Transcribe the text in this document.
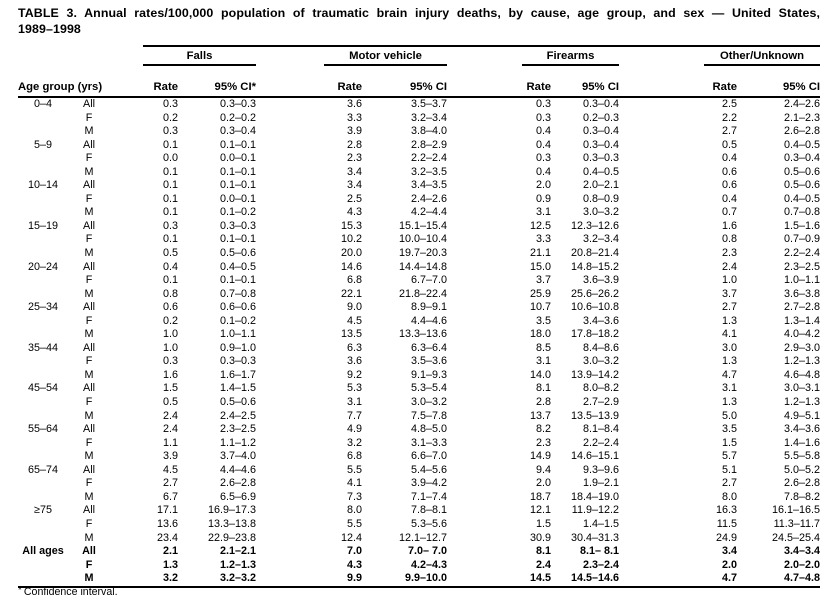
TABLE 3. Annual rates/100,000 population of traumatic brain injury deaths, by cause, age group, and sex — United States,
1989–1998

		Falls		Motor vehicle		Firearms		Other/Unknown	

Age group (yrs)		Rate	95% CI*	Rate	95% CI	Rate	95% CI	Rate	95% CI
0–4	All	0.3	0.3–0.3	3.6	3.5–3.7	0.3	0.3–0.4	2.5	2.4–2.6
	F	0.2	0.2–0.2	3.3	3.2–3.4	0.3	0.2–0.3	2.2	2.1–2.3
	M	0.3	0.3–0.4	3.9	3.8–4.0	0.4	0.3–0.4	2.7	2.6–2.8
5–9	All	0.1	0.1–0.1	2.8	2.8–2.9	0.4	0.3–0.4	0.5	0.4–0.5
	F	0.0	0.0–0.1	2.3	2.2–2.4	0.3	0.3–0.3	0.4	0.3–0.4
	M	0.1	0.1–0.1	3.4	3.2–3.5	0.4	0.4–0.5	0.6	0.5–0.6
10–14	All	0.1	0.1–0.1	3.4	3.4–3.5	2.0	2.0–2.1	0.6	0.5–0.6
	F	0.1	0.0–0.1	2.5	2.4–2.6	0.9	0.8–0.9	0.4	0.4–0.5
	M	0.1	0.1–0.2	4.3	4.2–4.4	3.1	3.0–3.2	0.7	0.7–0.8
15–19	All	0.3	0.3–0.3	15.3	15.1–15.4	12.5	12.3–12.6	1.6	1.5–1.6
	F	0.1	0.1–0.1	10.2	10.0–10.4	3.3	3.2–3.4	0.8	0.7–0.9
	M	0.5	0.5–0.6	20.0	19.7–20.3	21.1	20.8–21.4	2.3	2.2–2.4
20–24	All	0.4	0.4–0.5	14.6	14.4–14.8	15.0	14.8–15.2	2.4	2.3–2.5
	F	0.1	0.1–0.1	6.8	6.7–7.0	3.7	3.6–3.9	1.0	1.0–1.1
	M	0.8	0.7–0.8	22.1	21.8–22.4	25.9	25.6–26.2	3.7	3.6–3.8
25–34	All	0.6	0.6–0.6	9.0	8.9–9.1	10.7	10.6–10.8	2.7	2.7–2.8
	F	0.2	0.1–0.2	4.5	4.4–4.6	3.5	3.4–3.6	1.3	1.3–1.4
	M	1.0	1.0–1.1	13.5	13.3–13.6	18.0	17.8–18.2	4.1	4.0–4.2
35–44	All	1.0	0.9–1.0	6.3	6.3–6.4	8.5	8.4–8.6	3.0	2.9–3.0
	F	0.3	0.3–0.3	3.6	3.5–3.6	3.1	3.0–3.2	1.3	1.2–1.3
	M	1.6	1.6–1.7	9.2	9.1–9.3	14.0	13.9–14.2	4.7	4.6–4.8
45–54	All	1.5	1.4–1.5	5.3	5.3–5.4	8.1	8.0–8.2	3.1	3.0–3.1
	F	0.5	0.5–0.6	3.1	3.0–3.2	2.8	2.7–2.9	1.3	1.2–1.3
	M	2.4	2.4–2.5	7.7	7.5–7.8	13.7	13.5–13.9	5.0	4.9–5.1
55–64	All	2.4	2.3–2.5	4.9	4.8–5.0	8.2	8.1–8.4	3.5	3.4–3.6
	F	1.1	1.1–1.2	3.2	3.1–3.3	2.3	2.2–2.4	1.5	1.4–1.6
	M	3.9	3.7–4.0	6.8	6.6–7.0	14.9	14.6–15.1	5.7	5.5–5.8
65–74	All	4.5	4.4–4.6	5.5	5.4–5.6	9.4	9.3–9.6	5.1	5.0–5.2
	F	2.7	2.6–2.8	4.1	3.9–4.2	2.0	1.9–2.1	2.7	2.6–2.8
	M	6.7	6.5–6.9	7.3	7.1–7.4	18.7	18.4–19.0	8.0	7.8–8.2
≥75	All	17.1	16.9–17.3	8.0	7.8–8.1	12.1	11.9–12.2	16.3	16.1–16.5
	F	13.6	13.3–13.8	5.5	5.3–5.6	1.5	1.4–1.5	11.5	11.3–11.7
	M	23.4	22.9–23.8	12.4	12.1–12.7	30.9	30.4–31.3	24.9	24.5–25.4
All ages	All	2.1	2.1–2.1	7.0	7.0– 7.0	8.1	8.1– 8.1	3.4	3.4–3.4
	F	1.3	1.2–1.3	4.3	4.2–4.3	2.4	2.3–2.4	2.0	2.0–2.0
	M	3.2	3.2–3.2	9.9	9.9–10.0	14.5	14.5–14.6	4.7	4.7–4.8
* Confidence interval.
